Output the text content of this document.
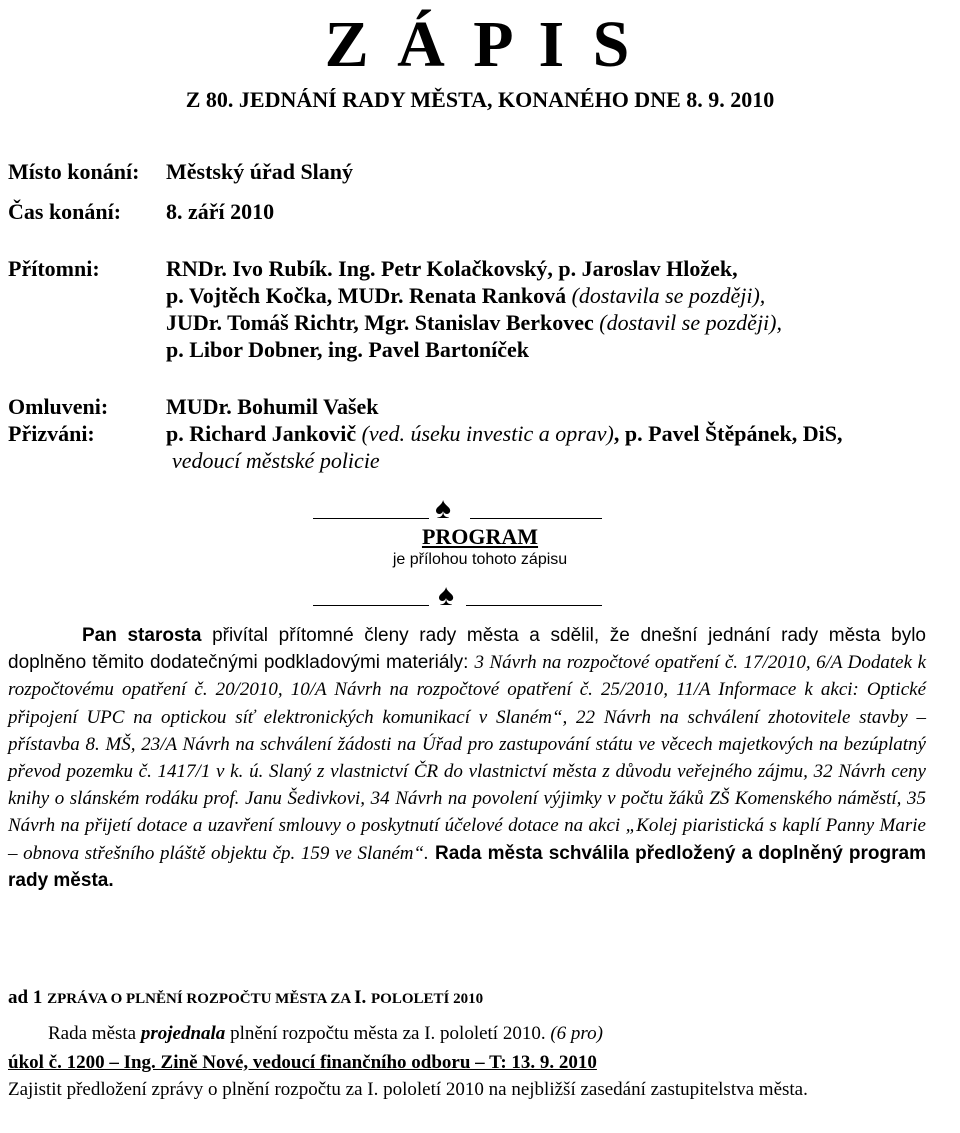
Z Á P I S
Z 80. JEDNÁNÍ RADY MĚSTA, KONANÉHO DNE 8. 9. 2010
Místo konání: Městský úřad Slaný
Čas konání: 8. září 2010
Přítomni:	RNDr. Ivo Rubík. Ing. Petr Kolačkovský, p. Jaroslav Hložek,
p. Vojtěch Kočka, MUDr. Renata Ranková (dostavila se později),
JUDr. Tomáš Richtr, Mgr. Stanislav Berkovec (dostavil se později),
p. Libor Dobner, ing. Pavel Bartoníček
Omluveni:	MUDr. Bohumil Vašek
Přizváni:	p. Richard Jankovič (ved. úseku investic a oprav), p. Pavel Štěpánek, DiS,
vedoucí městské policie
♠
PROGRAM
je přílohou tohoto zápisu
♠
Pan starosta přivítal přítomné členy rady města a sdělil, že dnešní jednání rady města bylo doplněno těmito dodatečnými podkladovými materiály: 3 Návrh na rozpočtové opatření č. 17/2010, 6/A Dodatek k rozpočtovému opatření č. 20/2010, 10/A Návrh na rozpočtové opatření č. 25/2010, 11/A Informace k akci: Optické připojení UPC na optickou síť elektronických komunikací v Slaném“, 22 Návrh na schválení zhotovitele stavby – přístavba 8. MŠ, 23/A Návrh na schválení žádosti na Úřad pro zastupování státu ve věcech majetkových na bezúplatný převod pozemku č. 1417/1 v k. ú. Slaný z vlastnictví ČR do vlastnictví města z důvodu veřejného zájmu, 32 Návrh ceny knihy o slánském rodáku prof. Janu Šedivkovi, 34 Návrh na povolení výjimky v počtu žáků ZŠ Komenského náměstí, 35 Návrh na přijetí dotace a uzavření smlouvy o poskytnutí účelové dotace na akci „Kolej piaristická s kaplí Panny Marie – obnova střešního pláště objektu čp. 159 ve Slaném“. Rada města schválila předložený a doplněný program rady města.
ad 1 ZPRÁVA O PLNĚNÍ ROZPOČTU MĚSTA ZA I. POLOLETÍ 2010
Rada města projednala plnění rozpočtu města za I. pololetí 2010. (6 pro)
úkol č. 1200 – Ing. Zině Nové, vedoucí finančního odboru – T: 13. 9. 2010
Zajistit předložení zprávy o plnění rozpočtu za I. pololetí 2010 na nejbližší zasedání zastupitelstva města.
